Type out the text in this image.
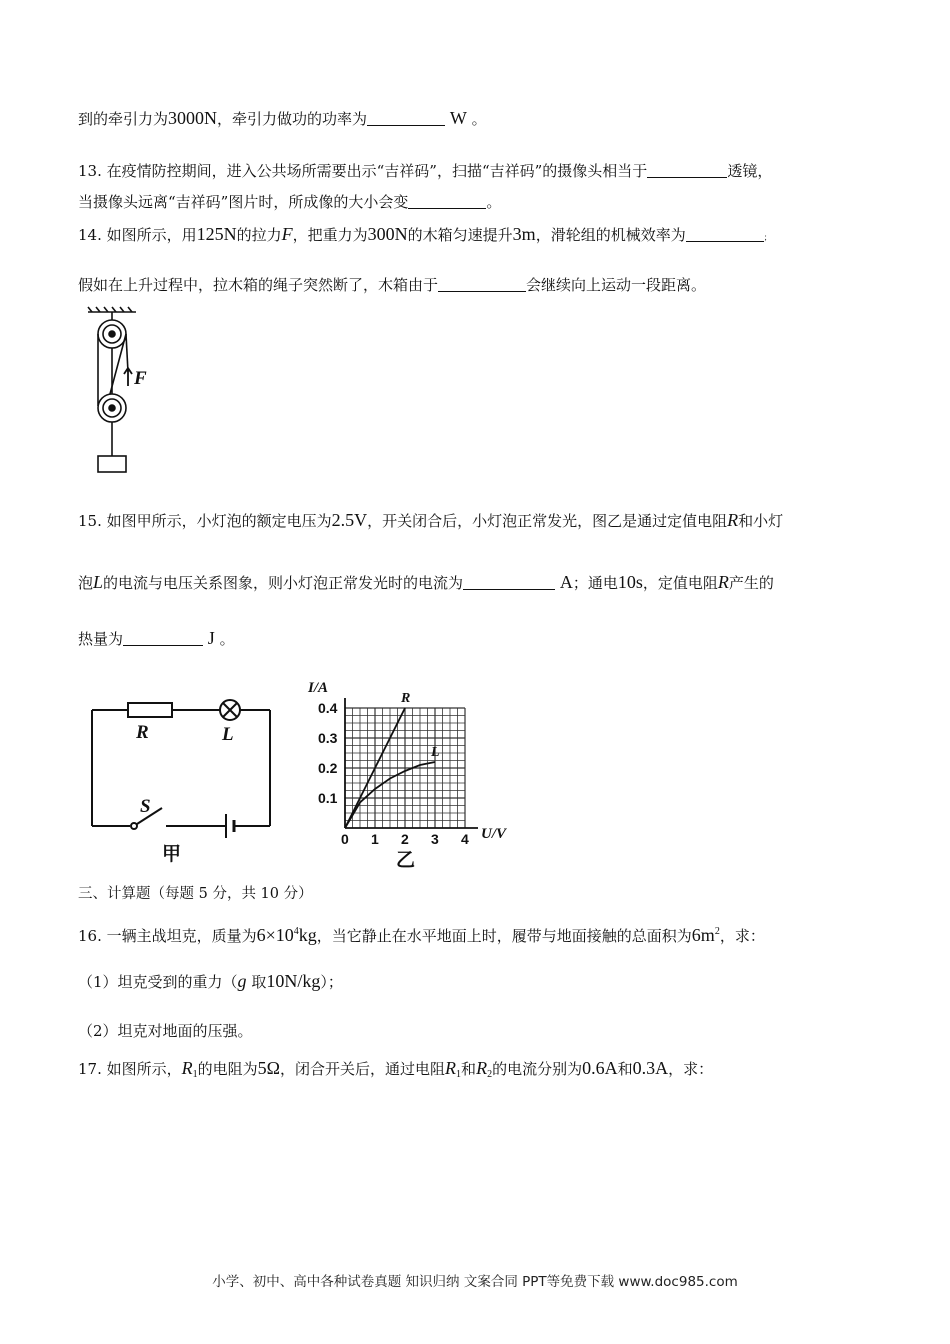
到的牵引力为3000N，牵引力做功的功率为	W 。
13. 在疫情防控期间，进入公共场所需要出示“吉祥码”，扫描“吉祥码”的摄像头相当于	透镜，
当摄像头远离“吉祥码”图片时，所成像的大小会变	。
14. 如图所示，用125N的拉力F，把重力为300N的木箱匀速提升3m，滑轮组的机械效率为	；
假如在上升过程中，拉木箱的绳子突然断了，木箱由于	会继续向上运动一段距离。
F
15. 如图甲所示，小灯泡的额定电压为2.5V，开关闭合后，小灯泡正常发光，图乙是通过定值电阻R和小灯
泡L的电流与电压关系图象，则小灯泡正常发光时的电流为	A；通电10s，定值电阻R产生的
热量为	J 。
R	L
S
甲
R
L
0 1 2 3 4
0.1
0.2
0.3
0.4
I/A
U/V
乙
三、计算题（每题 5 分，共 10 分）
16. 一辆主战坦克，质量为$6\times 10^4kg$，当它静止在水平地面上时，履带与地面接触的总面积为$6m^2$，求：
（1）坦克受到的重力（g 取10N/kg）；
（2）坦克对地面的压强。
17. 如图所示，$R_1$的电阻为5Ω，闭合开关后，通过电阻$R_1$和$R_2$的电流分别为0.6A和0.3A，求：
小学、初中、高中各种试卷真题 知识归纳 文案合同 PPT等免费下载 www.doc985.com
